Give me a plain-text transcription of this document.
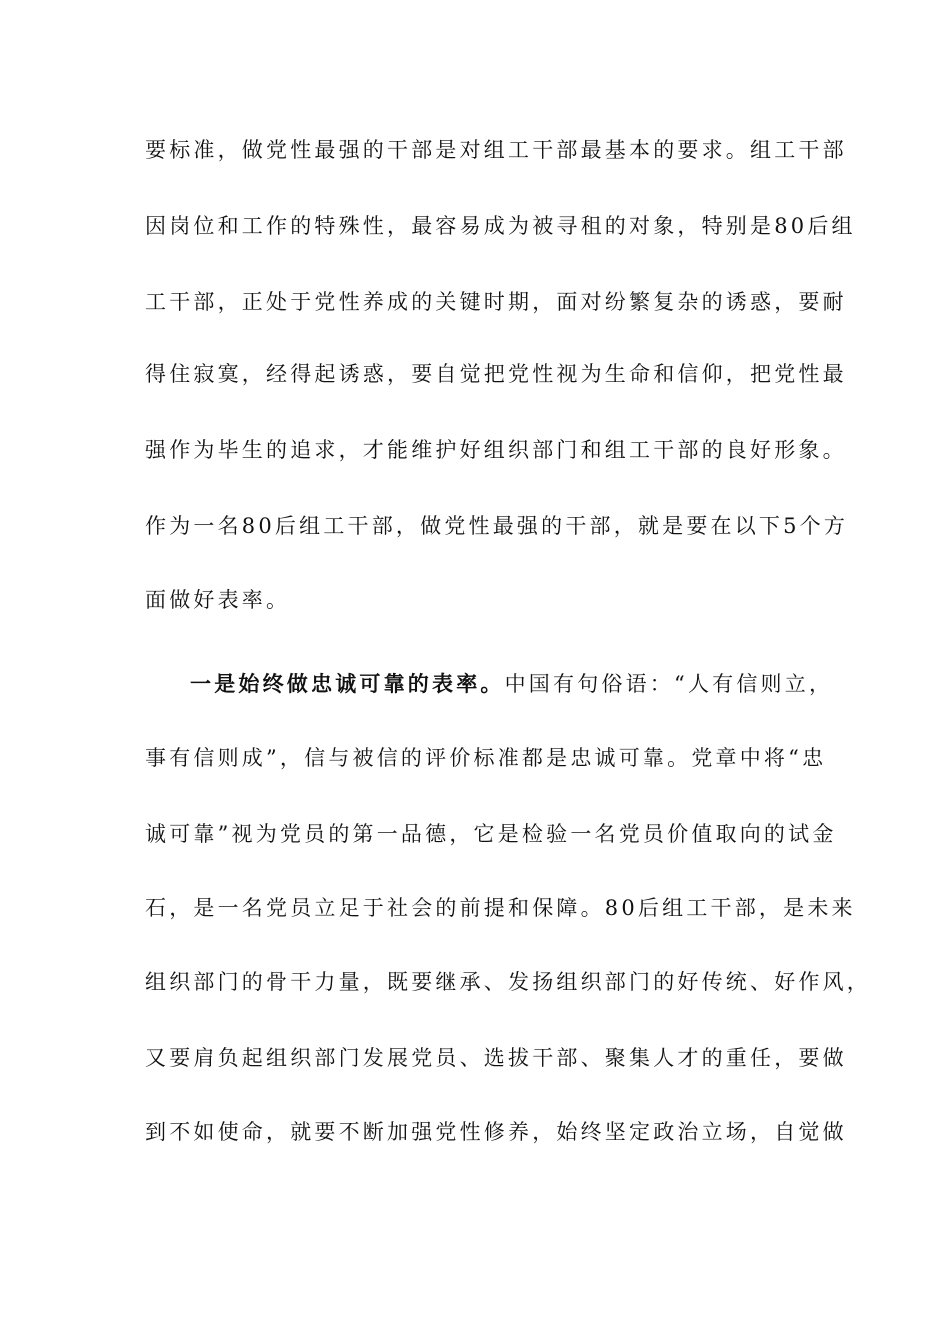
要标准，做党性最强的干部是对组工干部最基本的要求。组工干部
因岗位和工作的特殊性，最容易成为被寻租的对象，特别是80后组
工干部，正处于党性养成的关键时期，面对纷繁复杂的诱惑，要耐
得住寂寞，经得起诱惑，要自觉把党性视为生命和信仰，把党性最
强作为毕生的追求，才能维护好组织部门和组工干部的良好形象。
作为一名80后组工干部，做党性最强的干部，就是要在以下5个方
面做好表率。
一是始终做忠诚可靠的表率。中国有句俗语：“人有信则立，
事有信则成”，信与被信的评价标准都是忠诚可靠。党章中将“忠
诚可靠”视为党员的第一品德，它是检验一名党员价值取向的试金
石，是一名党员立足于社会的前提和保障。80后组工干部，是未来
组织部门的骨干力量，既要继承、发扬组织部门的好传统、好作风，
又要肩负起组织部门发展党员、选拔干部、聚集人才的重任，要做
到不如使命，就要不断加强党性修养，始终坚定政治立场，自觉做
